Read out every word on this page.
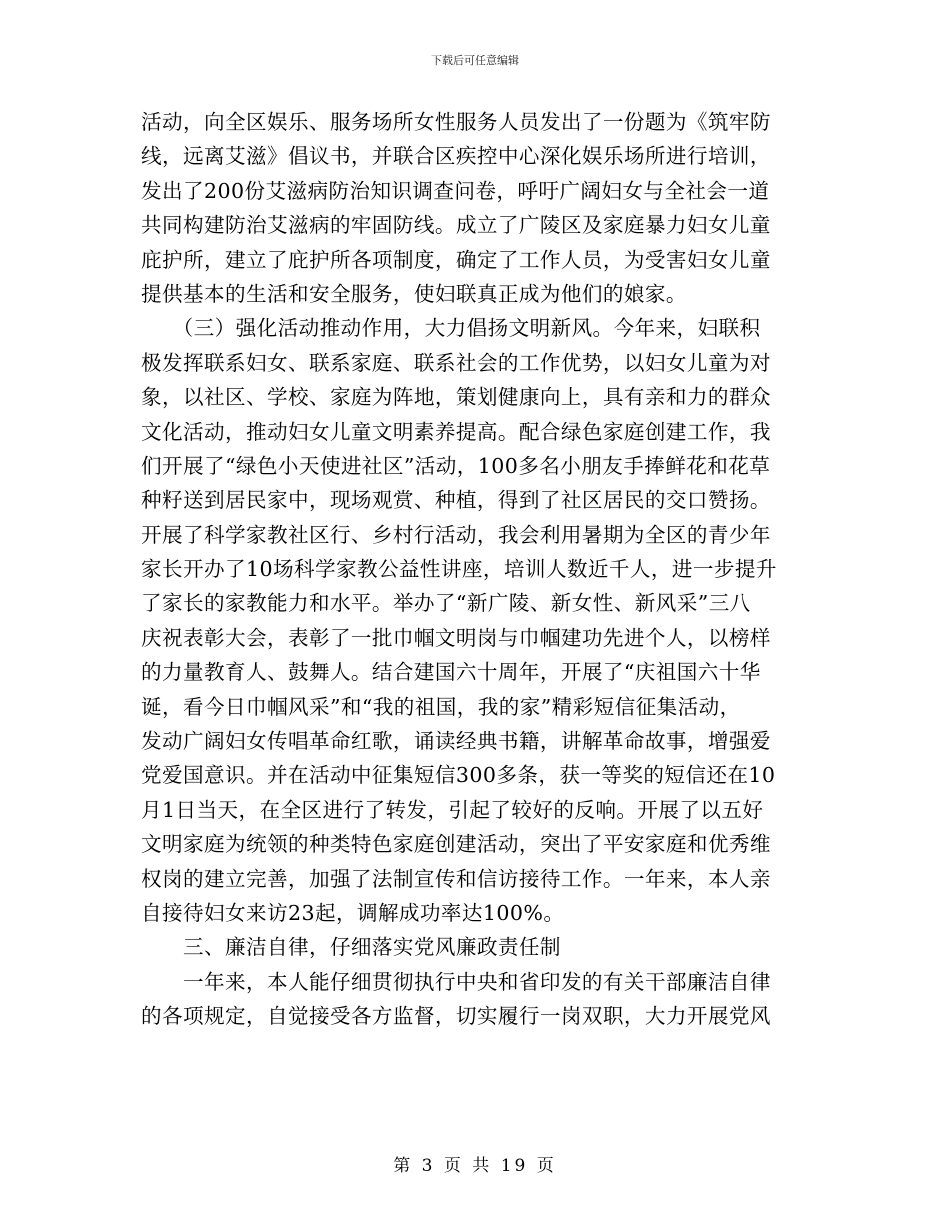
下载后可任意编辑
活动，向全区娱乐、服务场所女性服务人员发出了一份题为《筑牢防
线，远离艾滋》倡议书，并联合区疾控中心深化娱乐场所进行培训，
发出了200份艾滋病防治知识调查问卷，呼吁广阔妇女与全社会一道
共同构建防治艾滋病的牢固防线。成立了广陵区及家庭暴力妇女儿童
庇护所，建立了庇护所各项制度，确定了工作人员，为受害妇女儿童
提供基本的生活和安全服务，使妇联真正成为他们的娘家。
　　（三）强化活动推动作用，大力倡扬文明新风。今年来，妇联积
极发挥联系妇女、联系家庭、联系社会的工作优势，以妇女儿童为对
象，以社区、学校、家庭为阵地，策划健康向上，具有亲和力的群众
文化活动，推动妇女儿童文明素养提高。配合绿色家庭创建工作，我
们开展了“绿色小天使进社区”活动，100多名小朋友手捧鲜花和花草
种籽送到居民家中，现场观赏、种植，得到了社区居民的交口赞扬。
开展了科学家教社区行、乡村行活动，我会利用暑期为全区的青少年
家长开办了10场科学家教公益性讲座，培训人数近千人，进一步提升
了家长的家教能力和水平。举办了“新广陵、新女性、新风采”三八
庆祝表彰大会，表彰了一批巾帼文明岗与巾帼建功先进个人，以榜样
的力量教育人、鼓舞人。结合建国六十周年，开展了“庆祖国六十华
诞，看今日巾帼风采”和“我的祖国，我的家”精彩短信征集活动，
发动广阔妇女传唱革命红歌，诵读经典书籍，讲解革命故事，增强爱
党爱国意识。并在活动中征集短信300多条，获一等奖的短信还在10
月1日当天，在全区进行了转发，引起了较好的反响。开展了以五好
文明家庭为统领的种类特色家庭创建活动，突出了平安家庭和优秀维
权岗的建立完善，加强了法制宣传和信访接待工作。一年来，本人亲
自接待妇女来访23起，调解成功率达100%。
　　三、廉洁自律，仔细落实党风廉政责任制
　　一年来，本人能仔细贯彻执行中央和省印发的有关干部廉洁自律
的各项规定，自觉接受各方监督，切实履行一岗双职，大力开展党风
第 3 页 共 19 页
